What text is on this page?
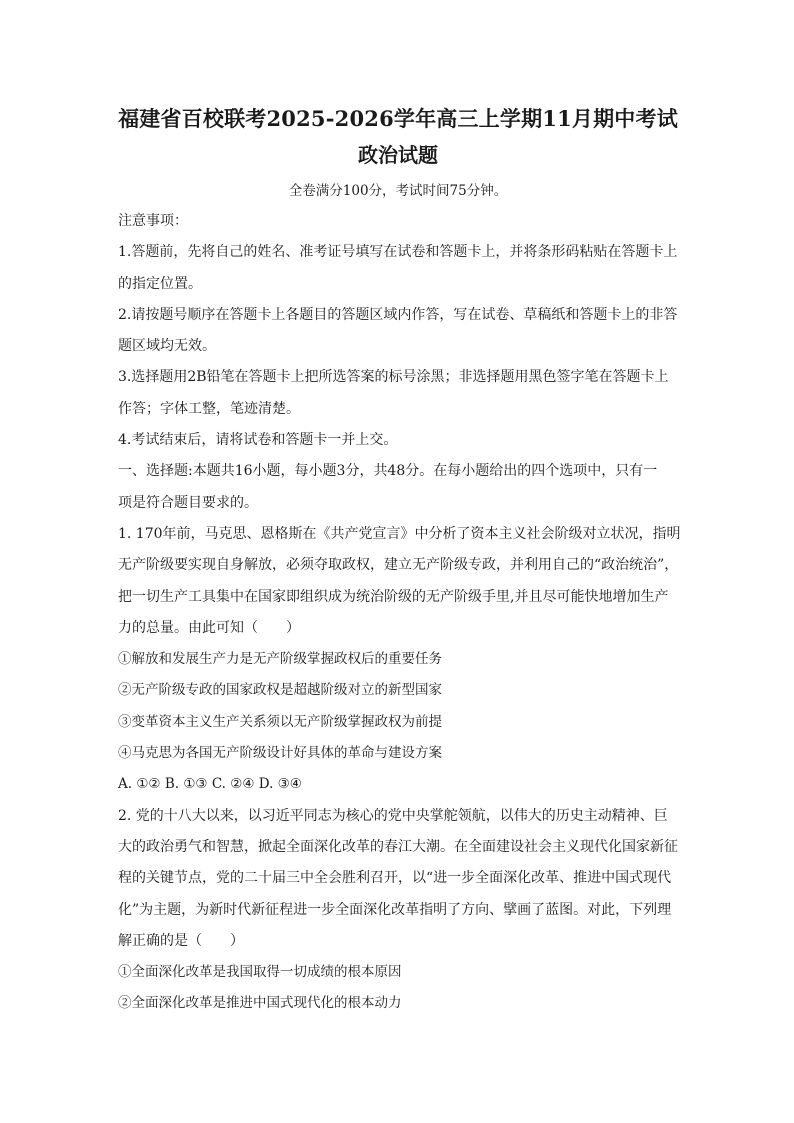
福建省百校联考2025-2026学年高三上学期11月期中考试

政治试题

全卷满分100分，考试时间75分钟。

注意事项：

1.答题前，先将自己的姓名、准考证号填写在试卷和答题卡上，并将条形码粘贴在答题卡上

的指定位置。

2.请按题号顺序在答题卡上各题目的答题区域内作答，写在试卷、草稿纸和答题卡上的非答

题区域均无效。

3.选择题用2B铅笔在答题卡上把所选答案的标号涂黑；非选择题用黑色签字笔在答题卡上

作答；字体工整，笔迹清楚。

4.考试结束后，请将试卷和答题卡一并上交。

一、选择题:本题共16小题，每小题3分，共48分。在每小题给出的四个选项中，只有一

项是符合题目要求的。

1. 170年前，马克思、恩格斯在《共产党宣言》中分析了资本主义社会阶级对立状况，指明

无产阶级要实现自身解放，必须夺取政权，建立无产阶级专政，并利用自己的“政治统治”，

把一切生产工具集中在国家即组织成为统治阶级的无产阶级手里,并且尽可能快地增加生产

力的总量。由此可知（　　）

①解放和发展生产力是无产阶级掌握政权后的重要任务

②无产阶级专政的国家政权是超越阶级对立的新型国家

③变革资本主义生产关系须以无产阶级掌握政权为前提

④马克思为各国无产阶级设计好具体的革命与建设方案

A. ①② B. ①③ C. ②④ D. ③④

2. 党的十八大以来，以习近平同志为核心的党中央掌舵领航，以伟大的历史主动精神、巨

大的政治勇气和智慧，掀起全面深化改革的春江大潮。在全面建设社会主义现代化国家新征

程的关键节点，党的二十届三中全会胜利召开，以“进一步全面深化改革、推进中国式现代

化”为主题，为新时代新征程进一步全面深化改革指明了方向、擘画了蓝图。对此，下列理

解正确的是（　　）

①全面深化改革是我国取得一切成绩的根本原因

②全面深化改革是推进中国式现代化的根本动力
